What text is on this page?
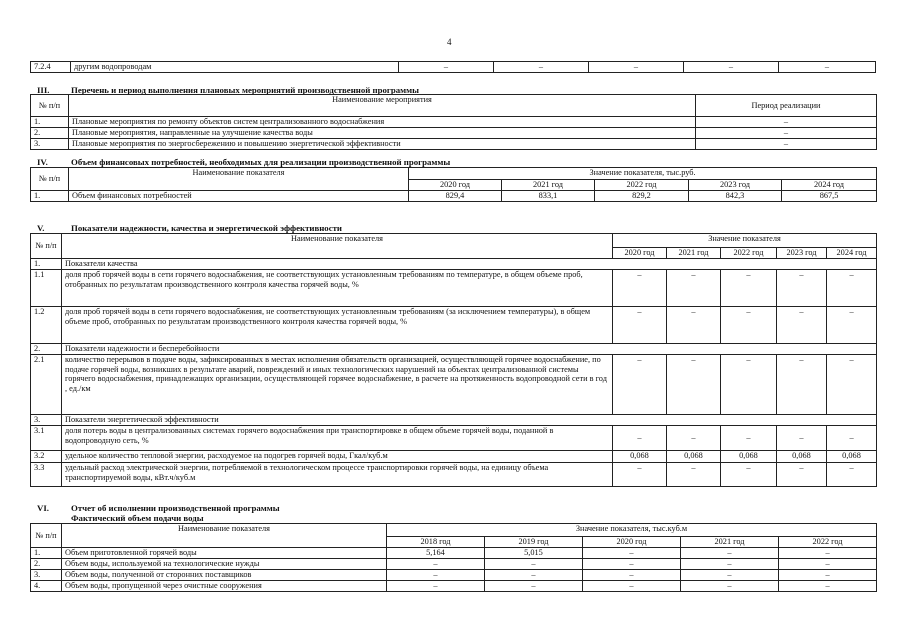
4
7.2.4	другим водопроводам	–	–	–	–	–
III. Перечень и период выполнения плановых мероприятий производственной программы
№ п/п	Наименование мероприятия	Период реализации
1.	Плановые мероприятия по ремонту объектов систем централизованного водоснабжения	–
2.	Плановые мероприятия, направленные на улучшение качества воды	–
3.	Плановые мероприятия по энергосбережению и повышению энергетической эффективности	–
IV.	Объем финансовых потребностей, необходимых для реализации производственной программы
№ п/п	Наименование показателя	Значение показателя, тыс.руб.				
		2020 год	2021 год	2022 год	2023 год	2024 год
1.	Объем финансовых потребностей	829,4	833,1	829,2	842,3	867,5
V.	Показатели надежности, качества и энергетической эффективности
№ п/п	Наименование показателя	Значение показателя				
		2020 год	2021 год	2022 год	2023 год	2024 год
1.	Показатели качества					
1.1	доля проб горячей воды в сети горячего водоснабжения, не соответствующих установленным требованиям по температуре, в общем объеме проб, отобранных по результатам производственного контроля качества горячей воды, %	–	–	–	–	–
1.2	доля проб горячей воды в сети горячего водоснабжения, не соответствующих установленным требованиям (за исключением температуры), в общем объеме проб, отобранных по результатам производственного контроля качества горячей воды, %	–	–	–	–	–
2.	Показатели надежности и бесперебойности					
2.1	количество перерывов в подаче воды, зафиксированных в местах исполнения обязательств организацией, осуществляющей горячее водоснабжение, по подаче горячей воды, возникших в результате аварий, повреждений и иных технологических нарушений на объектах централизованной системы горячего водоснабжения, принадлежащих организации, осуществляющей горячее водоснабжение, в расчете на протяженность водопроводной сети в год , ед./км	–	–	–	–	–
3.	Показатели энергетической эффективности					
3.1	доля потерь воды в централизованных системах горячего водоснабжения при транспортировке в общем объеме горячей воды, поданной в водопроводную сеть, %	–	–	–	–	–
3.2	удельное количество тепловой энергии, расходуемое на подогрев горячей воды, Гкал/куб.м	0,068	0,068	0,068	0,068	0,068
3.3	удельный расход электрической энергии, потребляемой в технологическом процессе транспортировки горячей воды, на единицу объема транспортируемой воды, кВт.ч/куб.м	–	–	–	–	–
VI.	Отчет об исполнении производственной программы
Фактический объем подачи воды
№ п/п	Наименование показателя	Значение показателя, тыс.куб.м				
		2018 год	2019 год	2020 год	2021 год	2022 год
1.	Объем приготовленной горячей воды	5,164	5,015	–	–	–
2.	Объем воды, используемой на технологические нужды	–	–	–	–	–
3.	Объем воды, полученной от сторонних поставщиков	–	–	–	–	–
4.	Объем воды, пропущенной через очистные сооружения	–	–	–	–	–
